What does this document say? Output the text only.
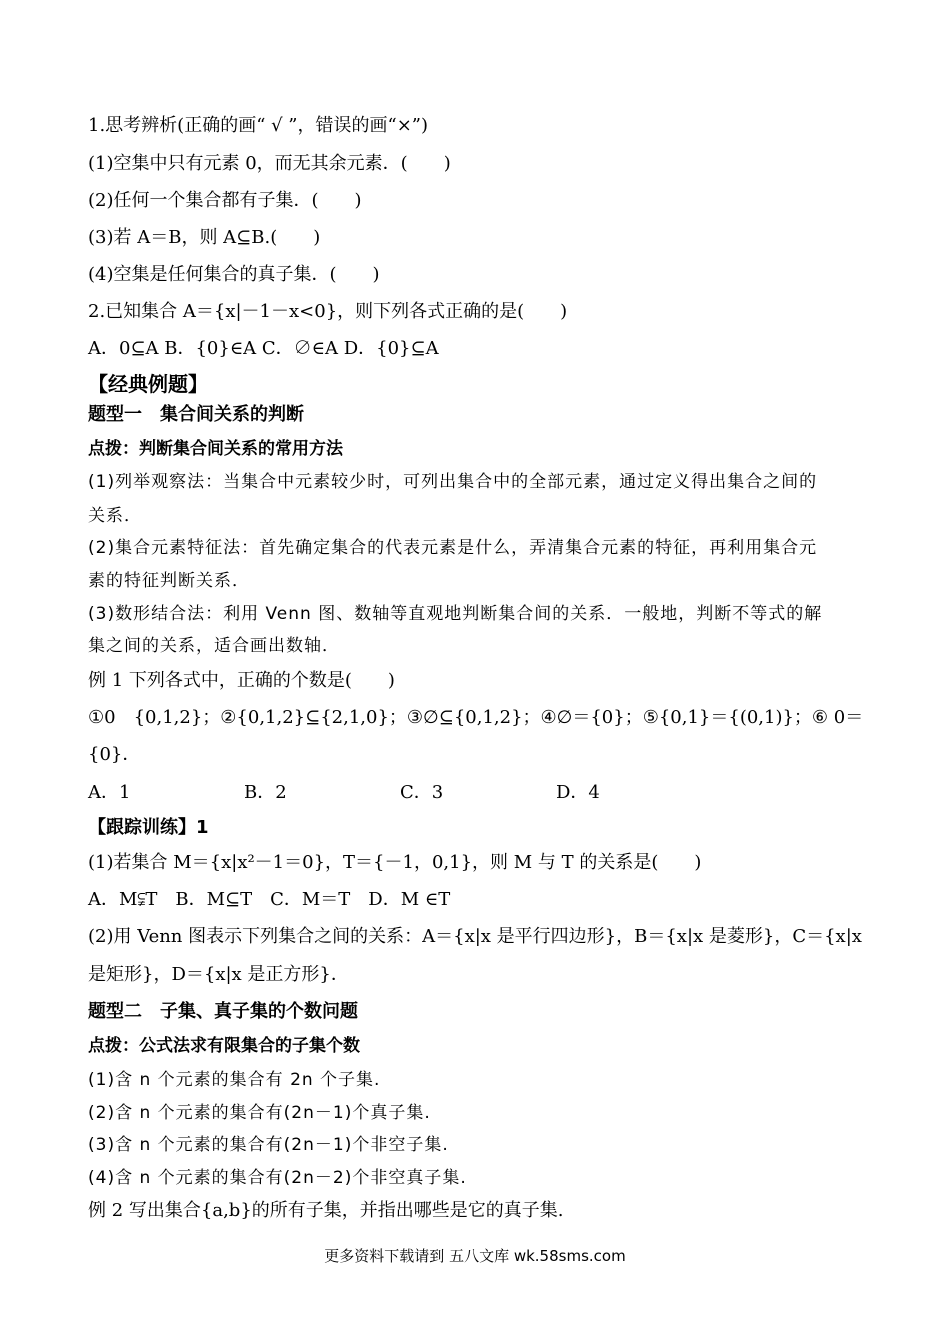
1.思考辨析(正确的画“ √ ”，错误的画“×”)
(1)空集中只有元素 0，而无其余元素．(　　)
(2)任何一个集合都有子集．(　　)
(3)若 A＝B，则 A⊆B.(　　)
(4)空集是任何集合的真子集．(　　)
2.已知集合 A＝{x|－1－x<0}，则下列各式正确的是(　　)
A．0⊆A B．{0}∈A C．∅∈A D．{0}⊆A
【经典例题】
题型一　集合间关系的判断
点拨：判断集合间关系的常用方法
(1)列举观察法：当集合中元素较少时，可列出集合中的全部元素，通过定义得出集合之间的
关系．
(2)集合元素特征法：首先确定集合的代表元素是什么，弄清集合元素的特征，再利用集合元
素的特征判断关系．
(3)数形结合法：利用 Venn 图、数轴等直观地判断集合间的关系．一般地，判断不等式的解
集之间的关系，适合画出数轴．
例 1 下列各式中，正确的个数是(　　)
①0　{0,1,2}；②{0,1,2}⊆{2,1,0}；③∅⊆{0,1,2}；④∅＝{0}；⑤{0,1}＝{(0,1)}；⑥ 0＝
{0}．
A．1	B．2	C．3	D．4
【跟踪训练】1
(1)若集合 M＝{x|x²－1＝0}，T＝{－1，0,1}，则 M 与 T 的关系是(　　)
A．M⫋T　B．M⊆T　C．M＝T　D．M ∈T
(2)用 Venn 图表示下列集合之间的关系：A＝{x|x 是平行四边形}，B＝{x|x 是菱形}，C＝{x|x
是矩形}，D＝{x|x 是正方形}．
题型二　子集、真子集的个数问题
点拨：公式法求有限集合的子集个数
(1)含 n 个元素的集合有 2n 个子集.
(2)含 n 个元素的集合有(2n－1)个真子集.
(3)含 n 个元素的集合有(2n－1)个非空子集.
(4)含 n 个元素的集合有(2n－2)个非空真子集.
例 2 写出集合{a,b}的所有子集，并指出哪些是它的真子集.
更多资料下载请到 五八文库 wk.58sms.com
